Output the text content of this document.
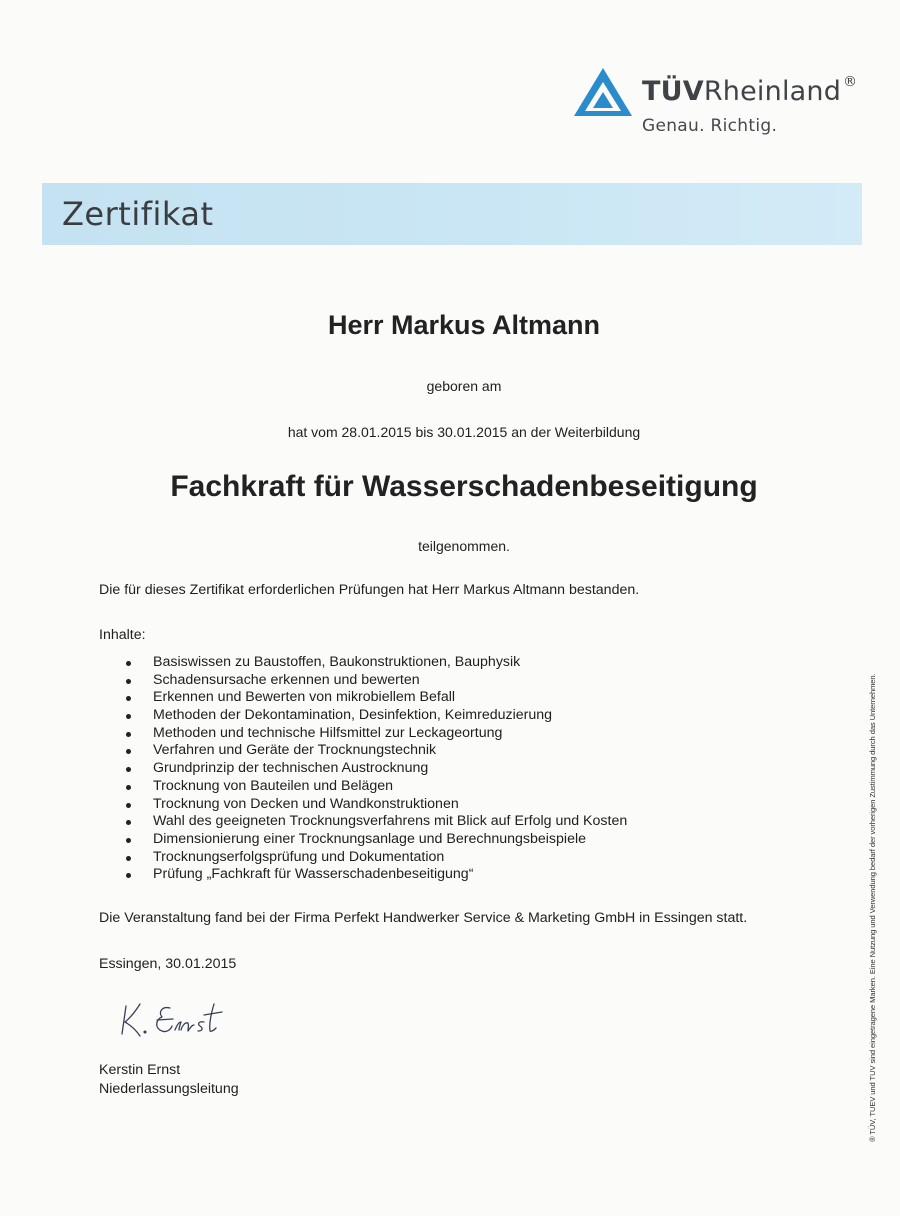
TÜVRheinland ®
Genau. Richtig.
Zertifikat
Herr Markus Altmann
geboren am
hat vom 28.01.2015 bis 30.01.2015 an der Weiterbildung
Fachkraft für Wasserschadenbeseitigung
teilgenommen.
Die für dieses Zertifikat erforderlichen Prüfungen hat Herr Markus Altmann bestanden.
Inhalte:
Basiswissen zu Baustoffen, Baukonstruktionen, Bauphysik
Schadensursache erkennen und bewerten
Erkennen und Bewerten von mikrobiellem Befall
Methoden der Dekontamination, Desinfektion, Keimreduzierung
Methoden und technische Hilfsmittel zur Leckageortung
Verfahren und Geräte der Trocknungstechnik
Grundprinzip der technischen Austrocknung
Trocknung von Bauteilen und Belägen
Trocknung von Decken und Wandkonstruktionen
Wahl des geeigneten Trocknungsverfahrens mit Blick auf Erfolg und Kosten
Dimensionierung einer Trocknungsanlage und Berechnungsbeispiele
Trocknungserfolgsprüfung und Dokumentation
Prüfung „Fachkraft für Wasserschadenbeseitigung“
Die Veranstaltung fand bei der Firma Perfekt Handwerker Service & Marketing GmbH in Essingen statt.
Essingen, 30.01.2015
Kerstin Ernst
Niederlassungsleitung	® TÜV, TUEV und TUV sind eingetragene Marken. Eine Nutzung und Verwendung bedarf der vorherigen Zustimmung durch das Unternehmen.
